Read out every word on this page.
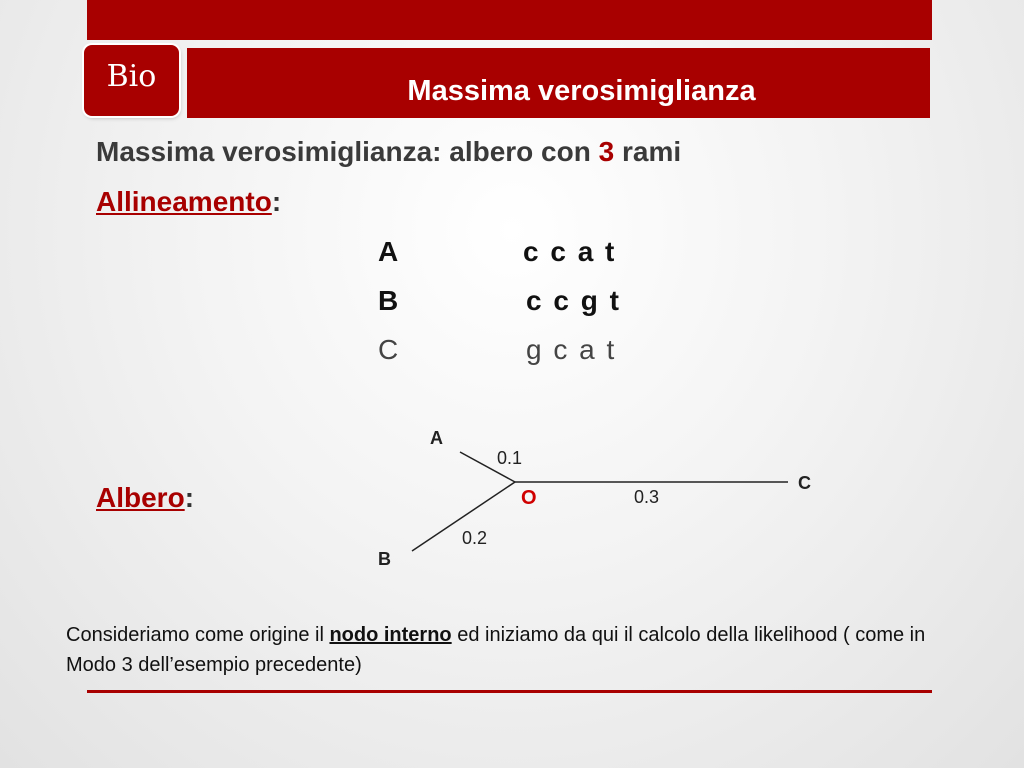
Bio	Massima verosimiglianza
Massima verosimiglianza: albero con 3 rami
Allineamento:
A	c c a t
B	c c g t
C	g c a t
Albero:
A
B
C
O
0.1
0.2
0.3
Consideriamo come origine il nodo interno ed iniziamo da qui il calcolo della likelihood ( come in Modo 3 dell’esempio precedente)
